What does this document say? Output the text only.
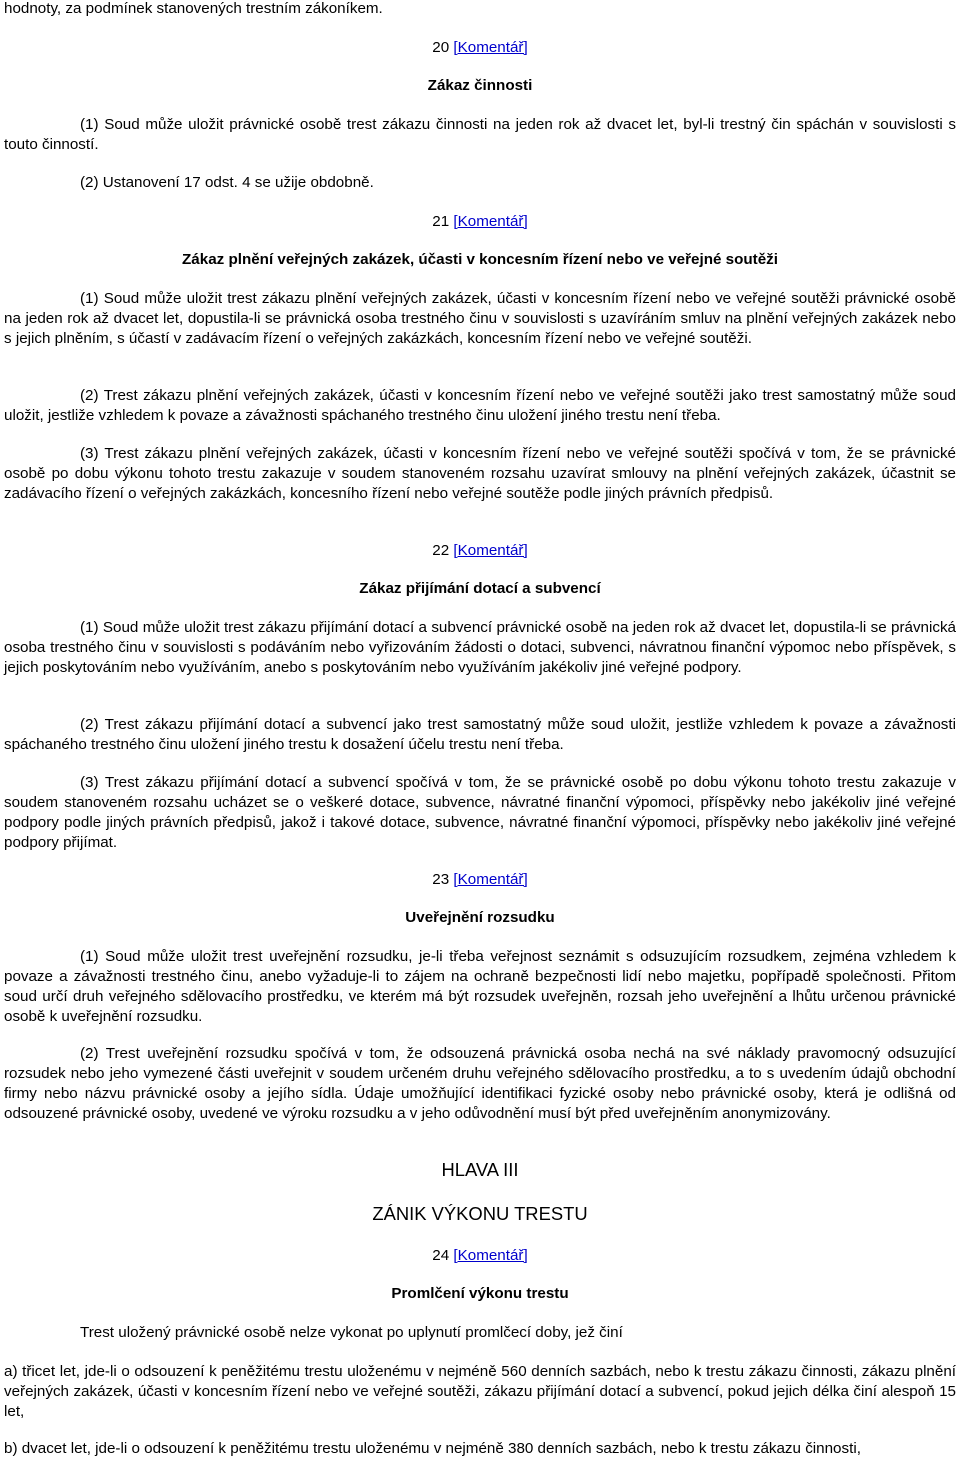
hodnoty, za podmínek stanovených trestním zákoníkem.
20 [Komentář]
Zákaz činnosti
(1) Soud může uložit právnické osobě trest zákazu činnosti na jeden rok až dvacet let, byl-li trestný čin spáchán v souvislosti s touto činností.
(2) Ustanovení 17 odst. 4 se užije obdobně.
21 [Komentář]
Zákaz plnění veřejných zakázek, účasti v koncesním řízení nebo ve veřejné soutěži
(1) Soud může uložit trest zákazu plnění veřejných zakázek, účasti v koncesním řízení nebo ve veřejné soutěži právnické osobě na jeden rok až dvacet let, dopustila-li se právnická osoba trestného činu v souvislosti s uzavíráním smluv na plnění veřejných zakázek nebo s jejich plněním, s účastí v zadávacím řízení o veřejných zakázkách, koncesním řízení nebo ve veřejné soutěži.
(2) Trest zákazu plnění veřejných zakázek, účasti v koncesním řízení nebo ve veřejné soutěži jako trest samostatný může soud uložit, jestliže vzhledem k povaze a závažnosti spáchaného trestného činu uložení jiného trestu není třeba.
(3) Trest zákazu plnění veřejných zakázek, účasti v koncesním řízení nebo ve veřejné soutěži spočívá v tom, že se právnické osobě po dobu výkonu tohoto trestu zakazuje v soudem stanoveném rozsahu uzavírat smlouvy na plnění veřejných zakázek, účastnit se zadávacího řízení o veřejných zakázkách, koncesního řízení nebo veřejné soutěže podle jiných právních předpisů.
22 [Komentář]
Zákaz přijímání dotací a subvencí
(1) Soud může uložit trest zákazu přijímání dotací a subvencí právnické osobě na jeden rok až dvacet let, dopustila-li se právnická osoba trestného činu v souvislosti s podáváním nebo vyřizováním žádosti o dotaci, subvenci, návratnou finanční výpomoc nebo příspěvek, s jejich poskytováním nebo využíváním, anebo s poskytováním nebo využíváním jakékoliv jiné veřejné podpory.
(2) Trest zákazu přijímání dotací a subvencí jako trest samostatný může soud uložit, jestliže vzhledem k povaze a závažnosti spáchaného trestného činu uložení jiného trestu k dosažení účelu trestu není třeba.
(3) Trest zákazu přijímání dotací a subvencí spočívá v tom, že se právnické osobě po dobu výkonu tohoto trestu zakazuje v soudem stanoveném rozsahu ucházet se o veškeré dotace, subvence, návratné finanční výpomoci, příspěvky nebo jakékoliv jiné veřejné podpory podle jiných právních předpisů, jakož i takové dotace, subvence, návratné finanční výpomoci, příspěvky nebo jakékoliv jiné veřejné podpory přijímat.
23 [Komentář]
Uveřejnění rozsudku
(1) Soud může uložit trest uveřejnění rozsudku, je-li třeba veřejnost seznámit s odsuzujícím rozsudkem, zejména vzhledem k povaze a závažnosti trestného činu, anebo vyžaduje-li to zájem na ochraně bezpečnosti lidí nebo majetku, popřípadě společnosti. Přitom soud určí druh veřejného sdělovacího prostředku, ve kterém má být rozsudek uveřejněn, rozsah jeho uveřejnění a lhůtu určenou právnické osobě k uveřejnění rozsudku.
(2) Trest uveřejnění rozsudku spočívá v tom, že odsouzená právnická osoba nechá na své náklady pravomocný odsuzující rozsudek nebo jeho vymezené části uveřejnit v soudem určeném druhu veřejného sdělovacího prostředku, a to s uvedením údajů obchodní firmy nebo názvu právnické osoby a jejího sídla. Údaje umožňující identifikaci fyzické osoby nebo právnické osoby, která je odlišná od odsouzené právnické osoby, uvedené ve výroku rozsudku a v jeho odůvodnění musí být před uveřejněním anonymizovány.
HLAVA III
ZÁNIK VÝKONU TRESTU
24 [Komentář]
Promlčení výkonu trestu
Trest uložený právnické osobě nelze vykonat po uplynutí promlčecí doby, jež činí
a) třicet let, jde-li o odsouzení k peněžitému trestu uloženému v nejméně 560 denních sazbách, nebo k trestu zákazu činnosti, zákazu plnění veřejných zakázek, účasti v koncesním řízení nebo ve veřejné soutěži, zákazu přijímání dotací a subvencí, pokud jejich délka činí alespoň 15 let,
b) dvacet let, jde-li o odsouzení k peněžitému trestu uloženému v nejméně 380 denních sazbách, nebo k trestu zákazu činnosti,
